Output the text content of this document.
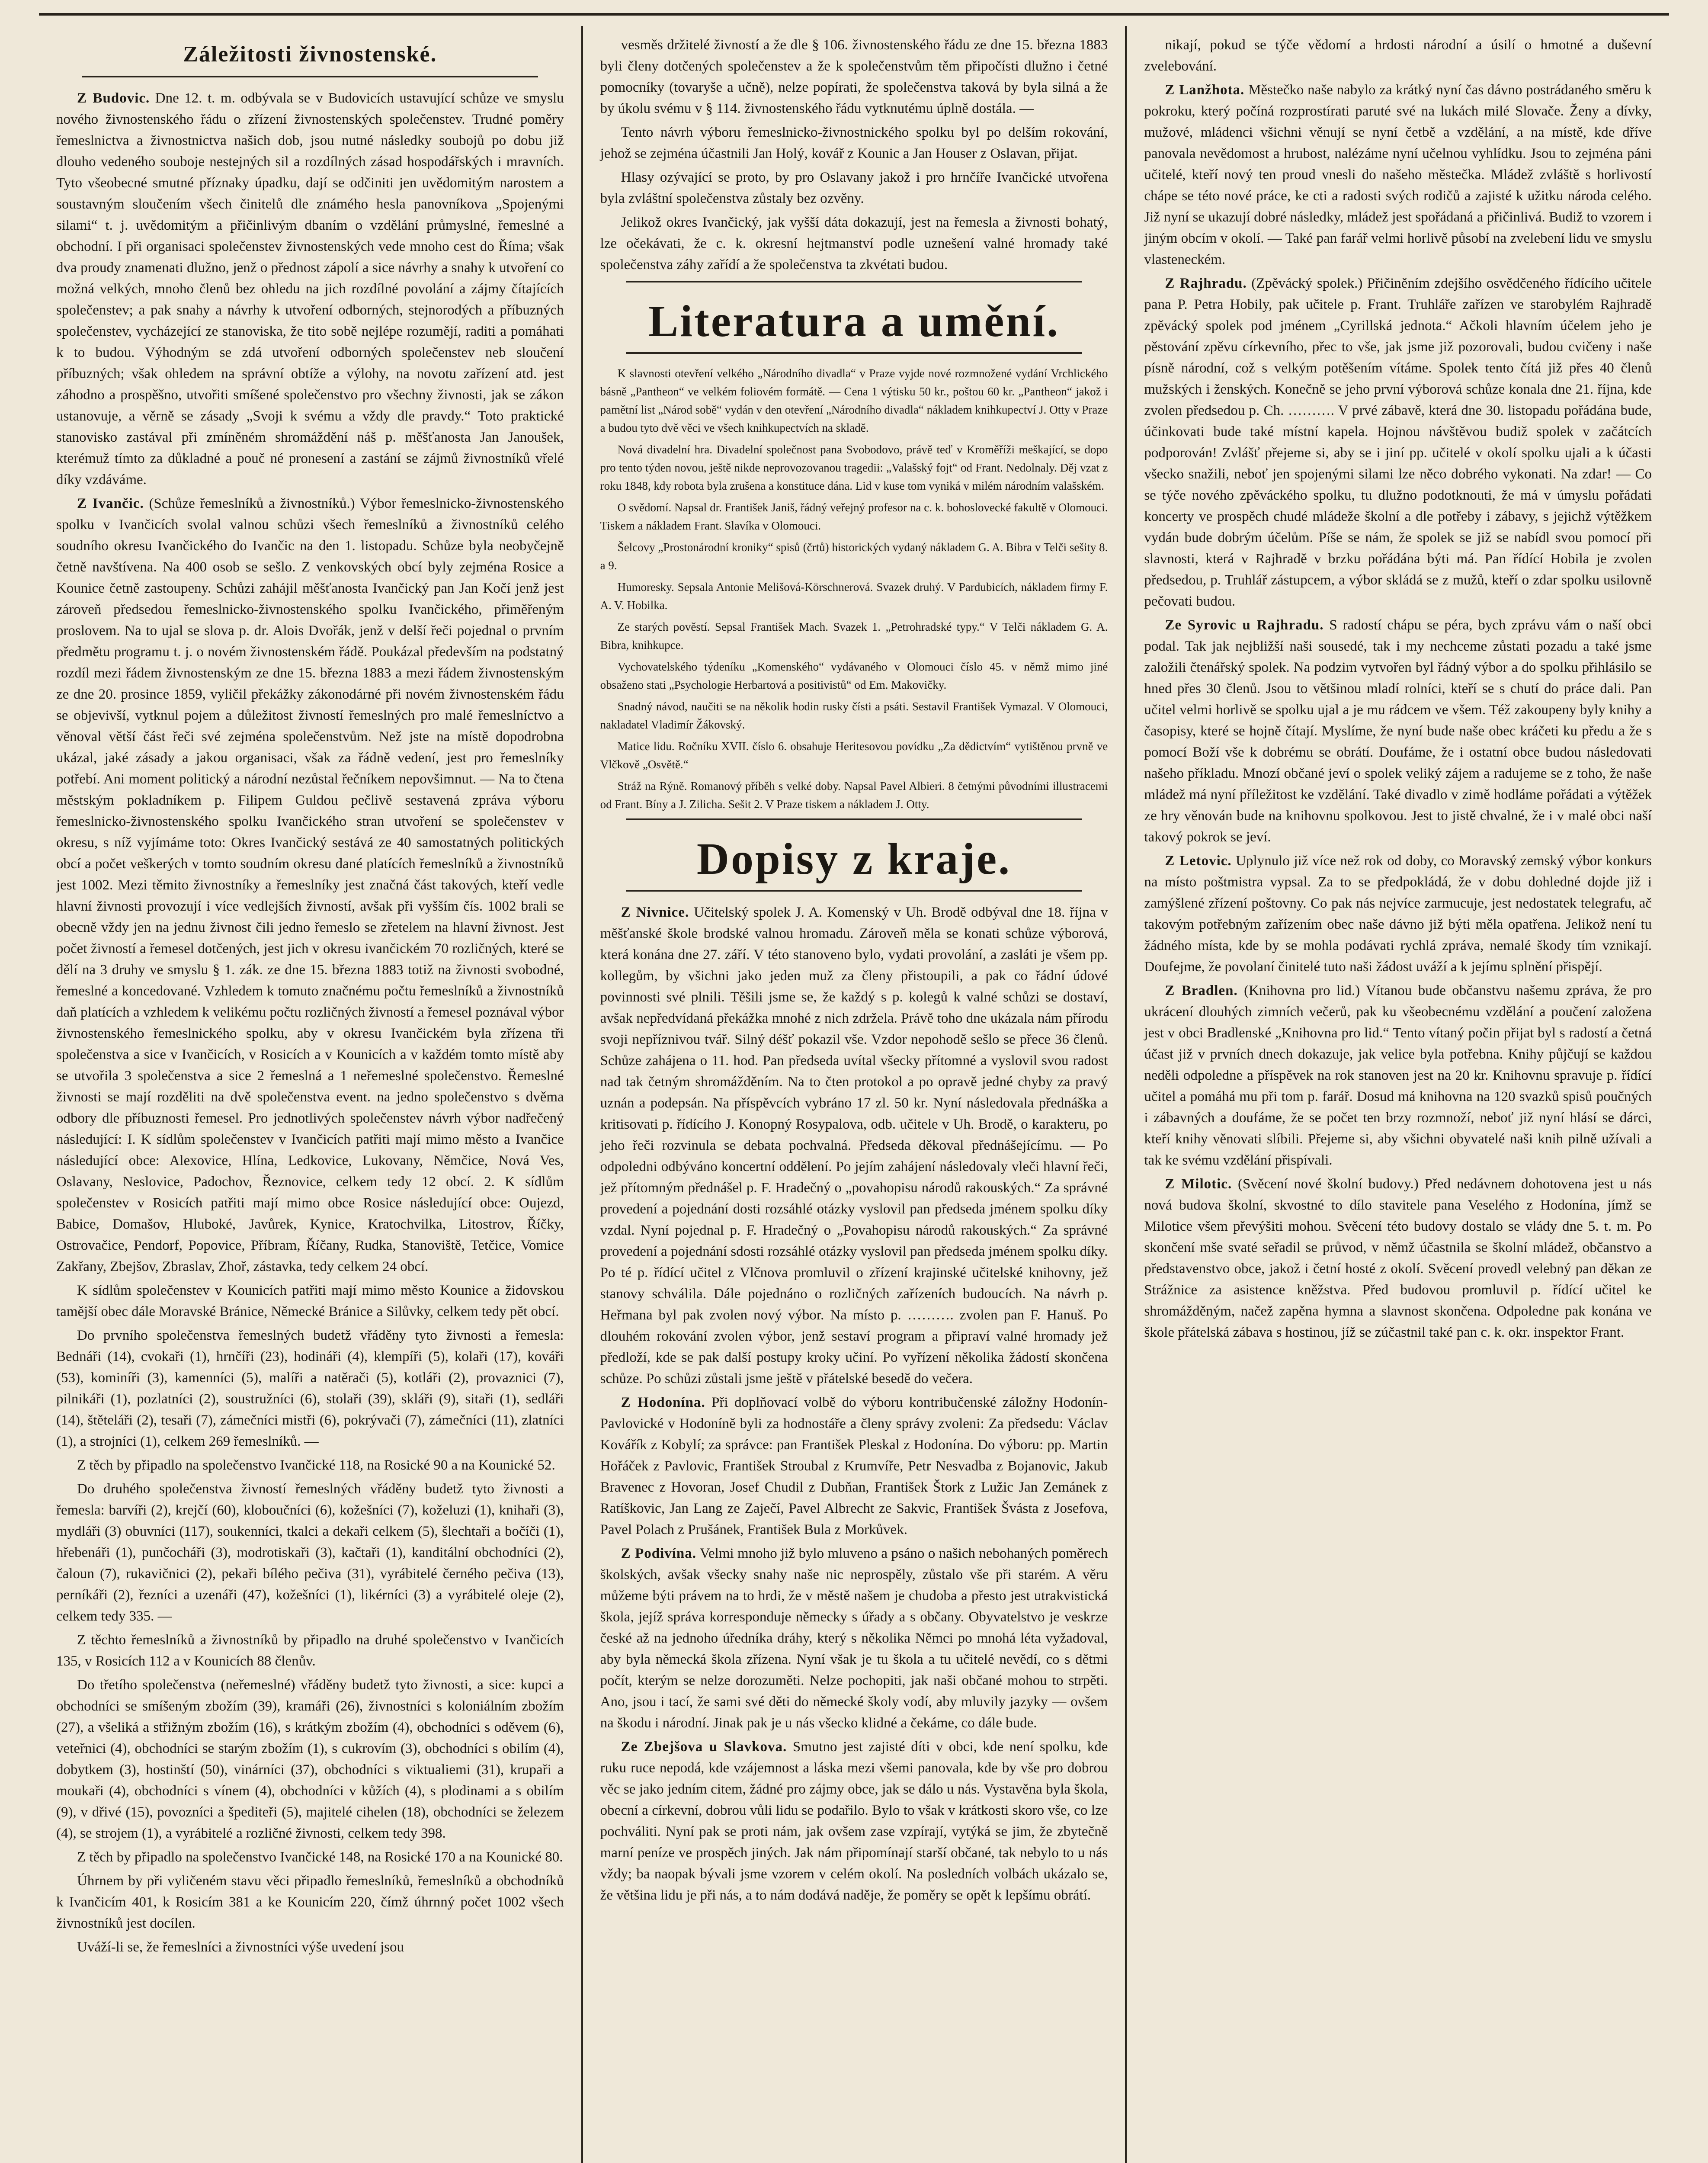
Záležitosti živnostenské.

Z Budovic. Dne 12. t. m. odbývala se v Budovicích ustavující schůze ve smyslu nového živnostenského řádu o zřízení živnostenských společenstev. Trudné poměry řemeslnictva a živnostnictva našich dob, jsou nutné následky soubojů po dobu již dlouho vedeného souboje nestejných sil a rozdílných zásad hospodářských i mravních. Tyto všeobecné smutné příznaky úpadku, dají se odčiniti jen uvědomitým narostem a soustavným sloučením všech činitelů dle známého hesla panovníkova „Spojenými silami“ t. j. uvědomitým a přičinlivým dbaním o vzdělání průmyslné, řemeslné a obchodní. I při organisaci společenstev živnostenských vede mnoho cest do Říma; však dva proudy znamenati dlužno, jenž o přednost zápolí a sice návrhy a snahy k utvoření co možná velkých, mnoho členů bez ohledu na jich rozdílné povolání a zájmy čítajících společenstev; a pak snahy a návrhy k utvoření odborných, stejnorodých a příbuzných společenstev, vycházející ze stanoviska, že tito sobě nejlépe rozumějí, raditi a pomáhati k to budou. Výhodným se zdá utvoření odborných společenstev neb sloučení příbuzných; však ohledem na správní obtíže a výlohy, na novotu zařízení atd. jest záhodno a prospěšno, utvořiti smíšené společenstvo pro všechny živnosti, jak se zákon ustanovuje, a věrně se zásady „Svoji k svému a vždy dle pravdy.“ Toto praktické stanovisko zastával při zmíněném shromáždění náš p. měšťanosta Jan Janoušek, kterémuž tímto za důkladné a pouč né pronesení a zastání se zájmů živnostníků vřelé díky vzdáváme.

Z Ivančic. (Schůze řemeslníků a živnostníků.) Výbor řemeslnicko-živnostenského spolku v Ivančicích svolal valnou schůzi všech řemeslníků a živnostníků celého soudního okresu Ivančického do Ivančic na den 1. listopadu. Schůze byla neobyčejně četně navštívena. Na 400 osob se sešlo. Z venkovských obcí byly zejména Rosice a Kounice četně zastoupeny. Schůzi zahájil měšťanosta Ivančický pan Jan Kočí jenž jest zároveň předsedou řemeslnicko-živnostenského spolku Ivančického, přiměřeným proslovem. Na to ujal se slova p. dr. Alois Dvořák, jenž v delší řeči pojednal o prvním předmětu programu t. j. o novém živnostenském řádě. Poukázal především na podstatný rozdíl mezi řádem živnostenským ze dne 15. března 1883 a mezi řádem živnostenským ze dne 20. prosince 1859, vyličil překážky zákonodárné při novém živnostenském řádu se objevivší, vytknul pojem a důležitost živností řemeslných pro malé řemeslníctvo a věnoval větší část řeči své zejména společenstvům. Než jste na místě dopodrobna ukázal, jaké zásady a jakou organisaci, však za řádně vedení, jest pro řemeslníky potřebí. Ani moment politický a národní nezůstal řečníkem nepovšimnut. — Na to čtena městským pokladníkem p. Filipem Guldou pečlivě sestavená zpráva výboru řemeslnicko-živnostenského spolku Ivančického stran utvoření se společenstev v okresu, s níž vyjímáme toto: Okres Ivančický sestává ze 40 samostatných politických obcí a počet veškerých v tomto soudním okresu dané platících řemeslníků a živnostníků jest 1002. Mezi těmito živnostníky a řemeslníky jest značná část takových, kteří vedle hlavní živnosti provozují i více vedlejších živností, avšak při vyšším čís. 1002 brali se obecně vždy jen na jednu živnost čili jedno řemeslo se zřetelem na hlavní živnost. Jest počet živností a řemesel dotčených, jest jich v okresu ivančickém 70 rozličných, které se dělí na 3 druhy ve smyslu § 1. zák. ze dne 15. března 1883 totiž na živnosti svobodné, řemeslné a koncedované. Vzhledem k tomuto značnému počtu řemeslníků a živnostníků daň platících a vzhledem k velikému počtu rozličných živností a řemesel poznával výbor živnostenského řemeslnického spolku, aby v okresu Ivančickém byla zřízena tři společenstva a sice v Ivančicích, v Rosicích a v Kounicích a v každém tomto místě aby se utvořila 3 společenstva a sice 2 řemeslná a 1 neřemeslné společenstvo. Řemeslné živnosti se mají rozděliti na dvě společenstva event. na jedno společenstvo s dvěma odbory dle příbuznosti řemesel. Pro jednotlivých společenstev návrh výbor nadřečený následující: I. K sídlům společenstev v Ivančicích patřiti mají mimo město a Ivančice následující obce: Alexovice, Hlína, Ledkovice, Lukovany, Němčice, Nová Ves, Oslavany, Neslovice, Padochov, Řeznovice, celkem tedy 12 obcí. 2. K sídlům společenstev v Rosicích patřiti mají mimo obce Rosice následující obce: Oujezd, Babice, Domašov, Hluboké, Javůrek, Kynice, Kratochvilka, Litostrov, Říčky, Ostrovačice, Pendorf, Popovice, Příbram, Říčany, Rudka, Stanoviště, Tetčice, Vomice Zakřany, Zbejšov, Zbraslav, Zhoř, zástavka, tedy celkem 24 obcí.

K sídlům společenstev v Kounicích patřiti mají mimo město Kounice a židovskou tamější obec dále Moravské Bránice, Německé Bránice a Silůvky, celkem tedy pět obcí.

Do prvního společenstva řemeslných budetž vřáděny tyto živnosti a řemesla: Bednáři (14), cvokaři (1), hrnčíři (23), hodináři (4), klempíři (5), kolaři (17), kováři (53), kominíři (3), kamenníci (5), malíři a natěrači (5), kotláři (2), provaznici (7), pilnikáři (1), pozlatníci (2), soustružníci (6), stolaři (39), skláři (9), sitaři (1), sedláři (14), štěteláři (2), tesaři (7), zámečníci mistři (6), pokrývači (7), zámečníci (11), zlatníci (1), a strojníci (1), celkem 269 řemeslníků. —

Z těch by připadlo na společenstvo Ivančické 118, na Rosické 90 a na Kounické 52.

Do druhého společenstva živností řemeslných vřáděny budetž tyto živnosti a řemesla: barvíři (2), krejčí (60), kloboučníci (6), kožešníci (7), koželuzi (1), knihaři (3), mydláři (3) obuvníci (117), soukenníci, tkalci a dekaři celkem (5), šlechtaři a bočíči (1), hřebenáři (1), punčocháři (3), modrotiskaři (3), kačtaři (1), kanditální obchodníci (2), čaloun (7), rukavičnici (2), pekaři bílého pečiva (31), vyrábitelé černého pečiva (13), perníkáři (2), řezníci a uzenáři (47), kožešníci (1), likérníci (3) a vyrábitelé oleje (2), celkem tedy 335. —

Z těchto řemeslníků a živnostníků by připadlo na druhé společenstvo v Ivančicích 135, v Rosicích 112 a v Kounicích 88 členův.

Do třetího společenstva (neřemeslné) vřáděny budetž tyto živnosti, a sice: kupci a obchodníci se smíšeným zbožím (39), kramáři (26), živnostníci s koloniálním zbožím (27), a všeliká a střižným zbožím (16), s krátkým zbožím (4), obchodníci s oděvem (6), veteřnici (4), obchodníci se starým zbožím (1), s cukrovím (3), obchodníci s obilím (4), dobytkem (3), hostinští (50), vinárníci (37), obchodníci s viktualiemi (31), krupaři a moukaři (4), obchodníci s vínem (4), obchodníci v kůžích (4), s plodinami a s obilím (9), v dřivé (15), povozníci a špediteři (5), majitelé cihelen (18), obchodníci se železem (4), se strojem (1), a vyrábitelé a rozličné živnosti, celkem tedy 398.

Z těch by připadlo na společenstvo Ivančické 148, na Rosické 170 a na Kounické 80.

Úhrnem by při vyličeném stavu věci připadlo řemeslníků, řemeslníků a obchodníků k Ivančicím 401, k Rosicím 381 a ke Kounicím 220, čímž úhrnný počet 1002 všech živnostníků jest docílen.

Uváží-li se, že řemeslníci a živnostníci výše uvedení jsou

vesměs držitelé živností a že dle § 106. živnostenského řádu ze dne 15. března 1883 byli členy dotčených společenstev a že k společenstvům těm připočísti dlužno i četné pomocníky (tovaryše a učně), nelze popírati, že společenstva taková by byla silná a že by úkolu svému v § 114. živnostenského řádu vytknutému úplně dostála. —

Tento návrh výboru řemeslnicko-živnostnického spolku byl po delším rokování, jehož se zejména účastnili Jan Holý, kovář z Kounic a Jan Houser z Oslavan, přijat.

Hlasy ozývající se proto, by pro Oslavany jakož i pro hrnčíře Ivančické utvořena byla zvláštní společenstva zůstaly bez ozvěny.

Jelikož okres Ivančický, jak vyšší dáta dokazují, jest na řemesla a živnosti bohatý, lze očekávati, že c. k. okresní hejtmanství podle uznešení valné hromady také společenstva záhy zařídí a že společenstva ta zkvétati budou.

Literatura a umění.

K slavnosti otevření velkého „Národního divadla“ v Praze vyjde nové rozmnožené vydání Vrchlického básně „Pantheon“ ve velkém foliovém formátě. — Cena 1 výtisku 50 kr., poštou 60 kr. „Pantheon“ jakož i pamětní list „Národ sobě“ vydán v den otevření „Národního divadla“ nákladem knihkupectví J. Otty v Praze a budou tyto dvě věci ve všech knihkupectvích na skladě.

Nová divadelní hra. Divadelní společnost pana Svobodovo, právě teď v Kroměříži meškající, se dopo pro tento týden novou, ještě nikde neprovozovanou tragedii: „Valašský fojt“ od Frant. Nedolnaly. Děj vzat z roku 1848, kdy robota byla zrušena a konstituce dána. Lid v kuse tom vyniká v milém národním valašském.

O svědomí. Napsal dr. František Janiš, řádný veřejný profesor na c. k. bohoslovecké fakultě v Olomouci. Tiskem a nákladem Frant. Slavíka v Olomouci.

Šelcovy „Prostonárodní kroniky“ spisů (črtů) historických vydaný nákladem G. A. Bibra v Telči sešity 8. a 9.

Humoresky. Sepsala Antonie Melišová-Körschnerová. Svazek druhý. V Pardubicích, nákladem firmy F. A. V. Hobilka.

Ze starých pověstí. Sepsal František Mach. Svazek 1. „Petrohradské typy.“ V Telči nákladem G. A. Bibra, knihkupce.

Vychovatelského týdeníku „Komenského“ vydávaného v Olomouci číslo 45. v němž mimo jiné obsaženo stati „Psychologie Herbartová a positivistů“ od Em. Makovičky.

Snadný návod, naučiti se na několik hodin rusky čísti a psáti. Sestavil František Vymazal. V Olomouci, nakladatel Vladimír Žákovský.

Matice lidu. Ročníku XVII. číslo 6. obsahuje Heritesovou povídku „Za dědictvím“ vytištěnou prvně ve Vlčkově „Osvětě.“

Stráž na Rýně. Romanový příběh s velké doby. Napsal Pavel Albieri. 8 četnými původními illustracemi od Frant. Bíny a J. Zilicha. Sešit 2. V Praze tiskem a nákladem J. Otty.

Dopisy z kraje.

Z Nivnice. Učitelský spolek J. A. Komenský v Uh. Brodě odbýval dne 18. října v měšťanské škole brodské valnou hromadu. Zároveň měla se konati schůze výborová, která konána dne 27. září. V této stanoveno bylo, vydati provolání, a zasláti je všem pp. kollegům, by všichni jako jeden muž za členy přistoupili, a pak co řádní údové povinnosti své plnili. Těšili jsme se, že každý s p. kolegů k valné schůzi se dostaví, avšak nepředvídaná překážka mnohé z nich zdržela. Právě toho dne ukázala nám přírodu svoji nepříznivou tvář. Silný déšť pokazil vše. Vzdor nepohodě sešlo se přece 36 členů. Schůze zahájena o 11. hod. Pan předseda uvítal všecky přítomné a vyslovil svou radost nad tak četným shromážděním. Na to čten protokol a po opravě jedné chyby za pravý uznán a podepsán. Na příspěvcích vybráno 17 zl. 50 kr. Nyní následovala přednáška a kritisovati p. řídícího J. Konopný Rosypalova, odb. učitele v Uh. Brodě, o karakteru, po jeho řeči rozvinula se debata pochvalná. Předseda děkoval přednášejícímu. — Po odpoledni odbýváno koncertní oddělení. Po jejím zahájení následovaly vleči hlavní řeči, jež přítomným přednášel p. F. Hradečný o „povahopisu národů rakouských.“ Za správné provedení a pojednání dosti rozsáhlé otázky vyslovil pan předseda jménem spolku díky vzdal. Nyní pojednal p. F. Hradečný o „Povahopisu národů rakouských.“ Za správné provedení a pojednání sdosti rozsáhlé otázky vyslovil pan předseda jménem spolku díky. Po té p. řídící učitel z Vlčnova promluvil o zřízení krajinské učitelské knihovny, jež stanovy schválila. Dále pojednáno o rozličných zařízeních budoucích. Na návrh p. Heřmana byl pak zvolen nový výbor. Na místo p. ………. zvolen pan F. Hanuš. Po dlouhém rokování zvolen výbor, jenž sestaví program a připraví valné hromady jež předloží, kde se pak další postupy kroky učiní. Po vyřízení několika žádostí skončena schůze. Po schůzi zůstali jsme ještě v přátelské besedě do večera.

Z Hodonína. Při doplňovací volbě do výboru kontribučenské záložny Hodonín-Pavlovické v Hodoníně byli za hodnostáře a členy správy zvoleni: Za předsedu: Václav Kovářík z Kobylí; za správce: pan František Pleskal z Hodonína. Do výboru: pp. Martin Hořáček z Pavlovic, František Stroubal z Krumvíře, Petr Nesvadba z Bojanovic, Jakub Bravenec z Hovoran, Josef Chudil z Dubňan, František Štork z Lužic Jan Zemánek z Ratíškovic, Jan Lang ze Zaječí, Pavel Albrecht ze Sakvic, František Švásta z Josefova, Pavel Polach z Prušánek, František Bula z Morkůvek.

Z Podivína. Velmi mnoho již bylo mluveno a psáno o našich nebohaných poměrech školských, avšak všecky snahy naše nic neprospěly, zůstalo vše při starém. A věru můžeme býti právem na to hrdi, že v městě našem je chudoba a přesto jest utrakvistická škola, jejíž správa korresponduje německy s úřady a s občany. Obyvatelstvo je veskrze české až na jednoho úředníka dráhy, který s několika Němci po mnohá léta vyžadoval, aby byla německá škola zřízena. Nyní však je tu škola a tu učitelé nevědí, co s dětmi počít, kterým se nelze dorozuměti. Nelze pochopiti, jak naši občané mohou to strpěti. Ano, jsou i tací, že sami své děti do německé školy vodí, aby mluvily jazyky — ovšem na škodu i národní. Jinak pak je u nás všecko klidné a čekáme, co dále bude.

Ze Zbejšova u Slavkova. Smutno jest zajisté díti v obci, kde není spolku, kde ruku ruce nepodá, kde vzájemnost a láska mezi všemi panovala, kde by vše pro dobrou věc se jako jedním citem, žádné pro zájmy obce, jak se dálo u nás. Vystavěna byla škola, obecní a církevní, dobrou vůli lidu se podařilo. Bylo to však v krátkosti skoro vše, co lze pochváliti. Nyní pak se proti nám, jak ovšem zase vzpírají, vytýká se jim, že zbytečně marní peníze ve prospěch jiných. Jak nám připomínají starší občané, tak nebylo to u nás vždy; ba naopak bývali jsme vzorem v celém okolí. Na posledních volbách ukázalo se, že většina lidu je při nás, a to nám dodává naděje, že poměry se opět k lepšímu obrátí.

nikají, pokud se týče vědomí a hrdosti národní a úsilí o hmotné a duševní zvelebování.

Z Lanžhota. Městečko naše nabylo za krátký nyní čas dávno postrádaného směru k pokroku, který počíná rozprostírati paruté své na lukách milé Slovače. Ženy a dívky, mužové, mládenci všichni věnují se nyní četbě a vzdělání, a na místě, kde dříve panovala nevědomost a hrubost, nalézáme nyní učelnou vyhlídku. Jsou to zejména páni učitelé, kteří nový ten proud vnesli do našeho městečka. Mládež zvláště s horlivostí chápe se této nové práce, ke cti a radosti svých rodičů a zajisté k užitku národa celého. Již nyní se ukazují dobré následky, mládež jest spořádaná a přičinlivá. Budiž to vzorem i jiným obcím v okolí. — Také pan farář velmi horlivě působí na zvelebení lidu ve smyslu vlasteneckém.

Z Rajhradu. (Zpěvácký spolek.) Přičiněním zdejšího osvědčeného řídícího učitele pana P. Petra Hobily, pak učitele p. Frant. Truhláře zařízen ve starobylém Rajhradě zpěvácký spolek pod jménem „Cyrillská jednota.“ Ačkoli hlavním účelem jeho je pěstování zpěvu církevního, přec to vše, jak jsme již pozorovali, budou cvičeny i naše písně národní, což s velkým potěšením vítáme. Spolek tento čítá již přes 40 členů mužských i ženských. Konečně se jeho první výborová schůze konala dne 21. října, kde zvolen předsedou p. Ch. ………. V prvé zábavě, která dne 30. listopadu pořádána bude, účinkovati bude také místní kapela. Hojnou návštěvou budiž spolek v začátcích podporován! Zvlášť přejeme si, aby se i jiní pp. učitelé v okolí spolku ujali a k účasti všecko snažili, neboť jen spojenými silami lze něco dobrého vykonati. Na zdar! — Co se týče nového zpěváckého spolku, tu dlužno podotknouti, že má v úmyslu pořádati koncerty ve prospěch chudé mládeže školní a dle potřeby i zábavy, s jejichž výtěžkem vydán bude dobrým účelům. Píše se nám, že spolek se již se nabídl svou pomocí při slavnosti, která v Rajhradě v brzku pořádána býti má. Pan řídící Hobila je zvolen předsedou, p. Truhlář zástupcem, a výbor skládá se z mužů, kteří o zdar spolku usilovně pečovati budou.

Ze Syrovic u Rajhradu. S radostí chápu se péra, bych zprávu vám o naší obci podal. Tak jak nejbližší naši sousedé, tak i my nechceme zůstati pozadu a také jsme založili čtenářský spolek. Na podzim vytvořen byl řádný výbor a do spolku přihlásilo se hned přes 30 členů. Jsou to většinou mladí rolníci, kteří se s chutí do práce dali. Pan učitel velmi horlivě se spolku ujal a je mu rádcem ve všem. Též zakoupeny byly knihy a časopisy, které se hojně čítají. Myslíme, že nyní bude naše obec kráčeti ku předu a že s pomocí Boží vše k dobrému se obrátí. Doufáme, že i ostatní obce budou následovati našeho příkladu. Mnozí občané jeví o spolek veliký zájem a radujeme se z toho, že naše mládež má nyní příležitost ke vzdělání. Také divadlo v zimě hodláme pořádati a výtěžek ze hry věnován bude na knihovnu spolkovou. Jest to jistě chvalné, že i v malé obci naší takový pokrok se jeví.

Z Letovic. Uplynulo již více než rok od doby, co Moravský zemský výbor konkurs na místo poštmistra vypsal. Za to se předpokládá, že v dobu dohledné dojde již i zamýšlené zřízení poštovny. Co pak nás nejvíce zarmucuje, jest nedostatek telegrafu, ač takovým potřebným zařízením obec naše dávno již býti měla opatřena. Jelikož není tu žádného místa, kde by se mohla podávati rychlá zpráva, nemalé škody tím vznikají. Doufejme, že povolaní činitelé tuto naši žádost uváží a k jejímu splnění přispějí.

Z Bradlen. (Knihovna pro lid.) Vítanou bude občanstvu našemu zpráva, že pro ukrácení dlouhých zimních večerů, pak ku všeobecnému vzdělání a poučení založena jest v obci Bradlenské „Knihovna pro lid.“ Tento vítaný počin přijat byl s radostí a četná účast již v prvních dnech dokazuje, jak velice byla potřebna. Knihy půjčují se každou neděli odpoledne a příspěvek na rok stanoven jest na 20 kr. Knihovnu spravuje p. řídící učitel a pomáhá mu při tom p. farář. Dosud má knihovna na 120 svazků spisů poučných i zábavných a doufáme, že se počet ten brzy rozmnoží, neboť již nyní hlásí se dárci, kteří knihy věnovati slíbili. Přejeme si, aby všichni obyvatelé naši knih pilně užívali a tak ke svému vzdělání přispívali.

Z Milotic. (Svěcení nové školní budovy.) Před nedávnem dohotovena jest u nás nová budova školní, skvostné to dílo stavitele pana Veselého z Hodonína, jímž se Milotice všem převýšiti mohou. Svěcení této budovy dostalo se vlády dne 5. t. m. Po skončení mše svaté seřadil se průvod, v němž účastnila se školní mládež, občanstvo a představenstvo obce, jakož i četní hosté z okolí. Svěcení provedl velebný pan děkan ze Strážnice za asistence kněžstva. Před budovou promluvil p. řídící učitel ke shromážděným, načež zapěna hymna a slavnost skončena. Odpoledne pak konána ve škole přátelská zábava s hostinou, jíž se zúčastnil také pan c. k. okr. inspektor Frant.
